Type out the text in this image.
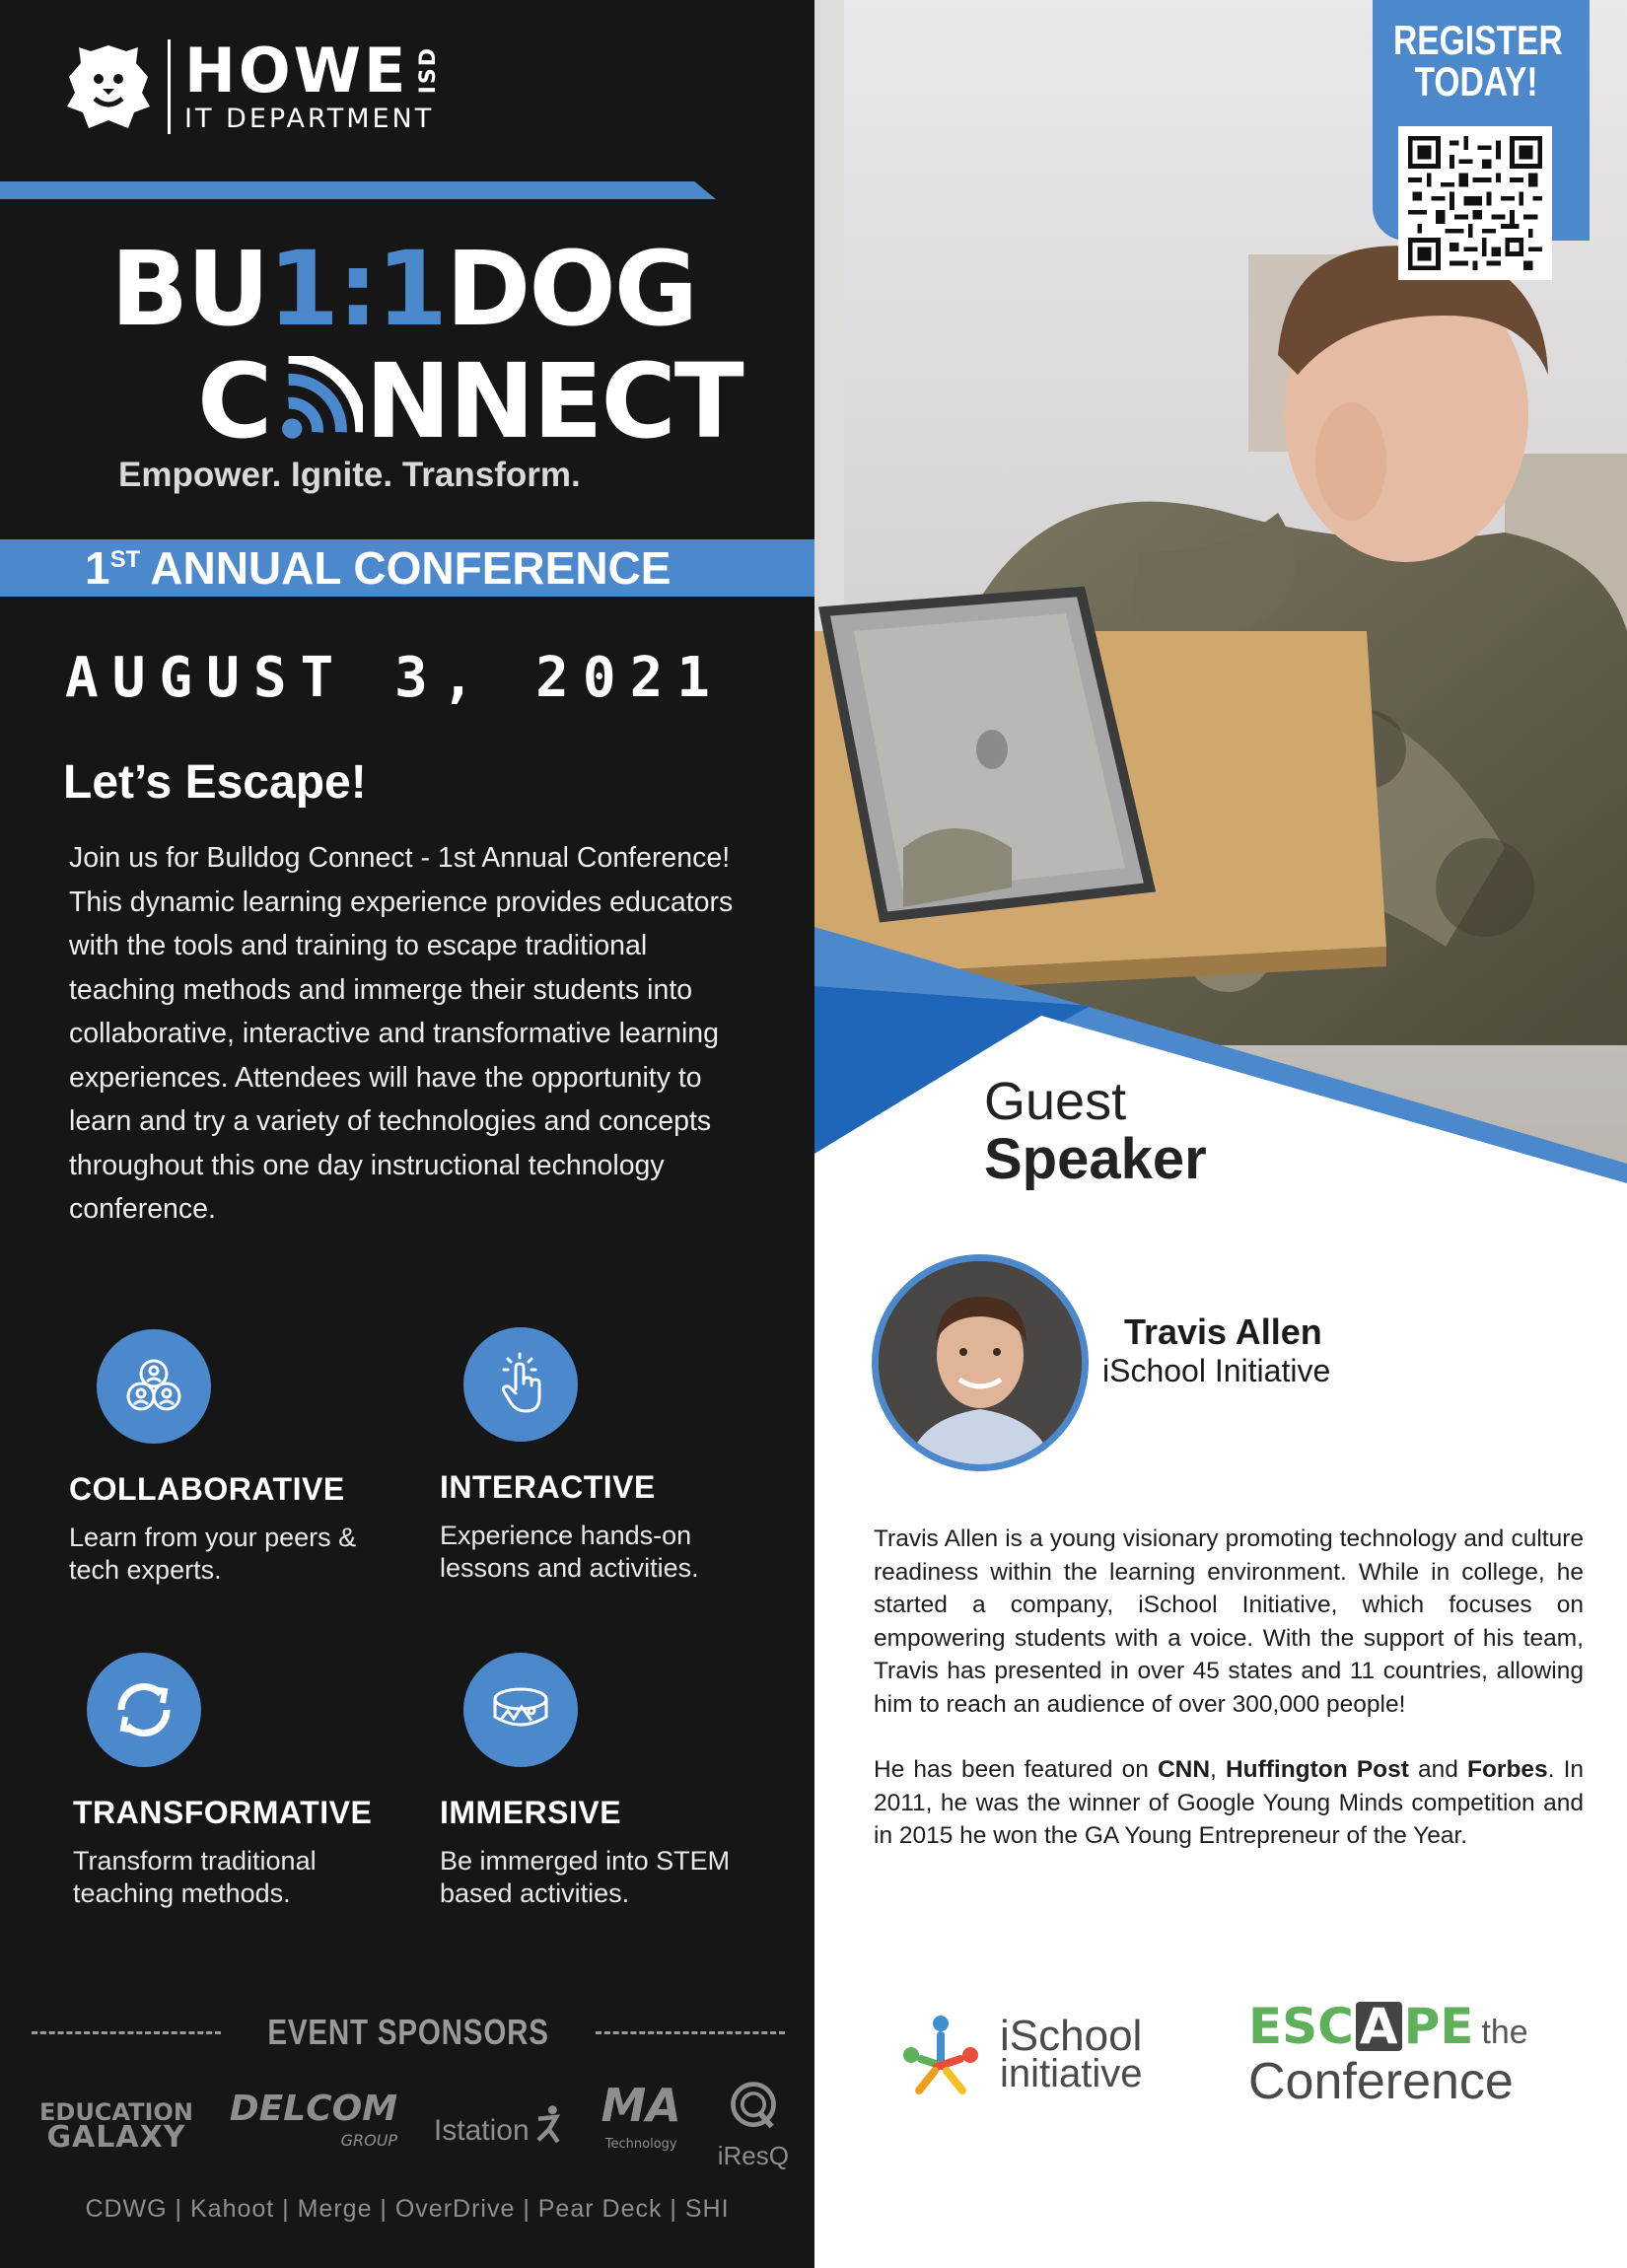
HOWE ISD
IT DEPARTMENT
BU1:1DOG
C NNECT
Empower. Ignite. Transform.
1ST ANNUAL CONFERENCE
AUGUST 3, 2021
Let’s Escape!
Join us for Bulldog Connect - 1st Annual Conference! This dynamic learning experience provides educators with the tools and training to escape traditional teaching methods and immerge their students into collaborative, interactive and transformative learning experiences. Attendees will have the opportunity to learn and try a variety of technologies and concepts throughout this one day instructional technology conference.
COLLABORATIVE

Learn from your peers & tech experts.

INTERACTIVE

Experience hands-on lessons and activities.

TRANSFORMATIVE

Transform traditional teaching methods.

IMMERSIVE

Be immerged into STEM based activities.

EVENT SPONSORS
EDUCATION
GALAXY
DELCOM
GROUP Istation MA
Technology iResQ
CDWG | Kahoot | Merge | OverDrive | Pear Deck | SHI
REGISTER
TODAY!
Guest
Speaker
Travis Allen
iSchool Initiative

Travis Allen is a young visionary promoting technology and culture readiness within the learning environment. While in college, he started a company, iSchool Initiative, which focuses on empowering students with a voice. With the support of his team, Travis has presented in over 45 states and 11 countries, allowing him to reach an audience of over 300,000 people!

He has been featured on CNN, Huffington Post and Forbes. In 2011, he was the winner of Google Young Minds competition and in 2015 he won the GA Young Entrepreneur of the Year.

iSchool
initiative
ESC A PE the
Conference
